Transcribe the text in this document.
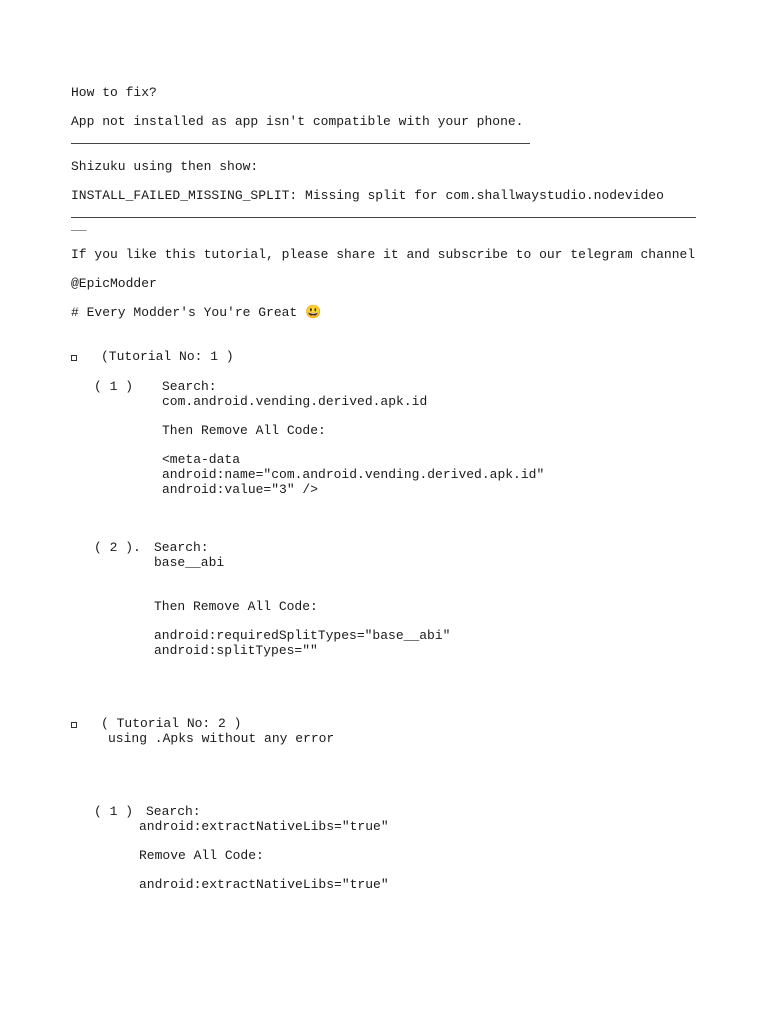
How to fix?
App not installed as app isn't compatible with your phone.
Shizuku using then show:
INSTALL_FAILED_MISSING_SPLIT: Missing split for com.shallwaystudio.nodevideo
__
If you like this tutorial, please share it and subscribe to our telegram channel
@EpicModder
# Every Modder's You're Great 😃
(Tutorial No: 1 )
( 1 ) Search:
com.android.vending.derived.apk.id
Then Remove All Code:
<meta-data
android:name="com.android.vending.derived.apk.id"
android:value="3" />
( 2 ). Search:
base__abi
Then Remove All Code:
android:requiredSplitTypes="base__abi"
android:splitTypes=""
( Tutorial No: 2 )
using .Apks without any error
( 1 ) Search:
android:extractNativeLibs="true"
Remove All Code:
android:extractNativeLibs="true"
